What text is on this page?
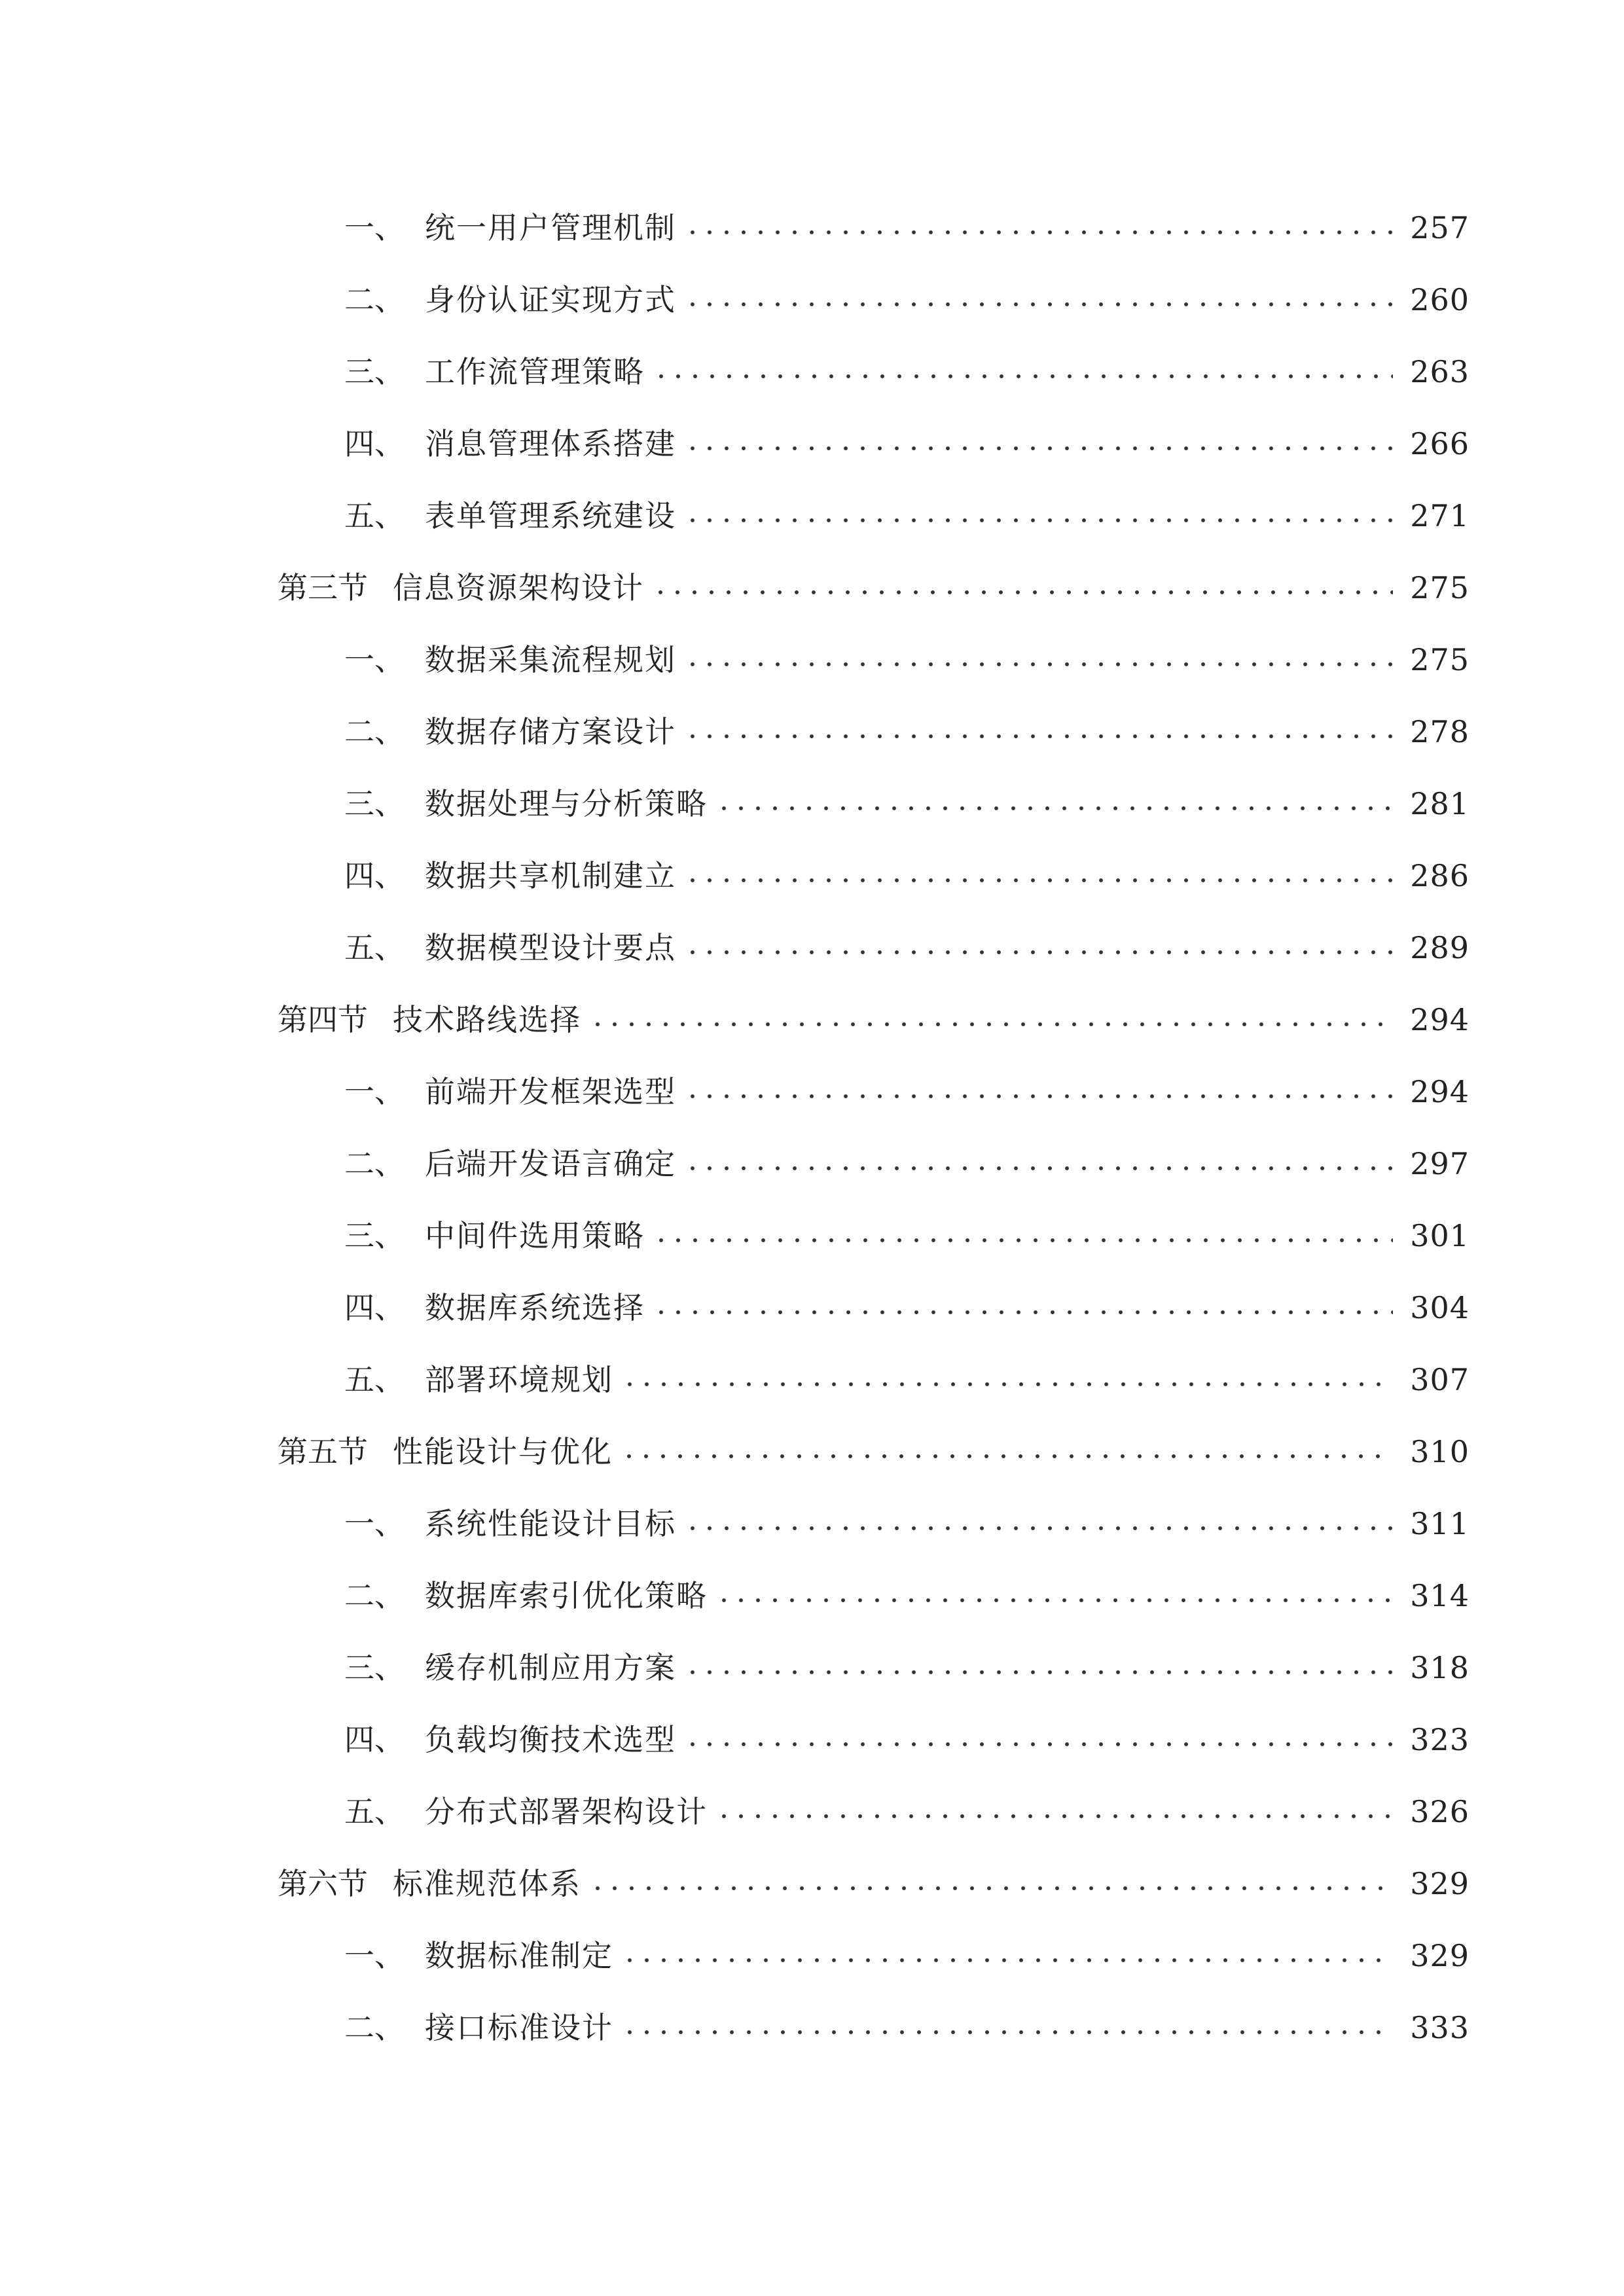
一、 统一用户管理机制	257
二、 身份认证实现方式	260
三、 工作流管理策略	263
四、 消息管理体系搭建	266
五、 表单管理系统建设	271
第三节 信息资源架构设计	275
一、 数据采集流程规划	275
二、 数据存储方案设计	278
三、 数据处理与分析策略	281
四、 数据共享机制建立	286
五、 数据模型设计要点	289
第四节 技术路线选择	294
一、 前端开发框架选型	294
二、 后端开发语言确定	297
三、 中间件选用策略	301
四、 数据库系统选择	304
五、 部署环境规划	307
第五节 性能设计与优化	310
一、 系统性能设计目标	311
二、 数据库索引优化策略	314
三、 缓存机制应用方案	318
四、 负载均衡技术选型	323
五、 分布式部署架构设计	326
第六节 标准规范体系	329
一、 数据标准制定	329
二、 接口标准设计	333
